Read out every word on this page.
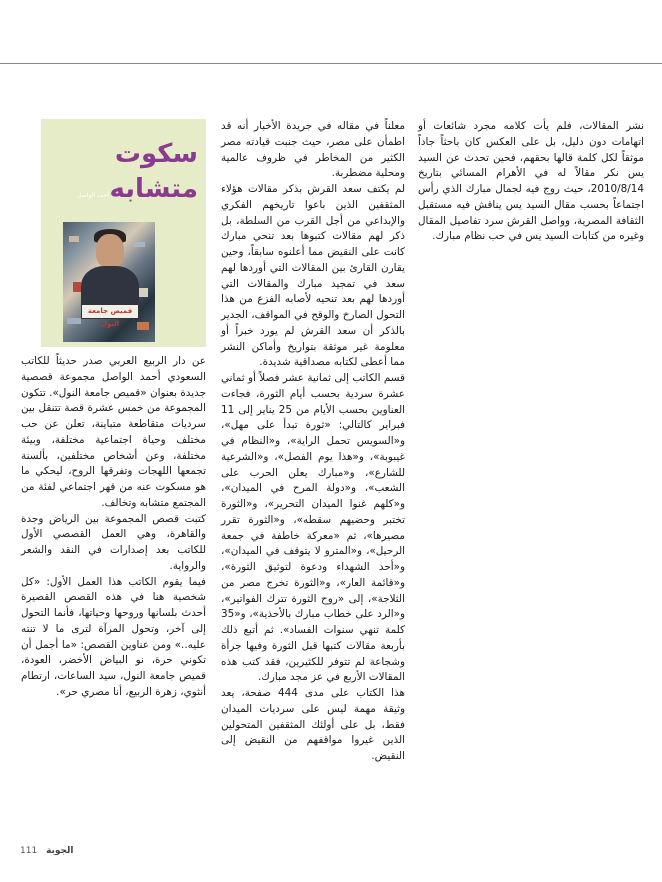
نشر المقالات، فلم يأت كلامه مجرد شائعات أو اتهامات دون دليل، بل على العكس كان باحثاً جاداً موثقاً لكل كلمة قالها بحقهم، فحين تحدث عن السيد يس نكر مقالاً له في الأهرام المسائي بتاريخ 2010/8/14، حيث روج فيه لجمال مبارك الذي رأس اجتماعاً بحسب مقال السيد يس يناقش فيه مستقبل الثقافة المصرية، وواصل القرش سرد تفاصيل المقال وغيره من كتابات السيد يس في حب نظام مبارك.

معلناً في مقاله في جريدة الأخبار أنه قد اطمأن على مصر، حيث جنبت قيادته مصر الكثير من المخاطر في ظروف عالمية ومحلية مضطربة.

لم يكتف سعد القرش بذكر مقالات هؤلاء المثقفين الذين باعوا تاريخهم الفكري والإبداعي من أجل القرب من السلطة، بل ذكر لهم مقالات كتبوها بعد تنحي مبارك كانت على النقيض مما أعلنوه سابقاً، وحين يقارن القارئ بين المقالات التي أوردها لهم سعد في تمجيد مبارك والمقالات التي أوردها لهم بعد تنحيه لأصابه الفزع من هذا التحول الصارخ والوقح في المواقف، الجدير بالذكر أن سعد القرش لم يورد خبراً أو معلومة غير موثقة بتواريخ وأماكن النشر مما أعطى لكتابه مصداقية شديدة.

قسم الكاتب إلى ثمانية عشر فصلاً أو ثماني عشرة سردية بحسب أيام الثورة، فجاءت العناوين بحسب الأيام من 25 يناير إلى 11 فبراير كالتالي: «ثورة تبدأ على مهل»، و«السويس تحمل الراية»، و«النظام في غيبوبة»، و«هذا يوم الفصل»، و«الشرعية للشارع»، و«مبارك يعلن الحرب على الشعب»، و«دولة المرح في الميدان»، و«كلهم غنوا الميدان التحرير»، و«الثورة تختبر وحضيهم سقطه»، و«الثورة تقرر مصيرها»، ثم «معركة خاطفة في جمعة الرحيل»، و«المترو لا يتوقف في الميدان»، و«أحد الشهداء ودعوة لتوثيق الثورة»، و«قائمة العار»، و«الثورة تخرج مصر من الثلاجة»، إلى «روح الثورة تترك الفواتير»، و«الرد على خطاب مبارك بالأحذية»، و«35 كلمة تنهي سنوات الفساد». ثم أتبع ذلك بأربعة مقالات كتبها قبل الثورة وفيها جرأة وشجاعة لم تتوفر للكثيرين، فقد كتب هذه المقالات الأربع في عز مجد مبارك.

هذا الكتاب على مدى 444 صفحة، يعد وثيقة مهمة ليس على سرديات الميدان فقط، بل على أولئك المثقفين المتحولين الذين غيروا مواقفهم من النقيض إلى النقيض.

سكوت
متشابه
قميص جامعة النول
أحمد الواصل

عن دار الربيع العربي صدر حديثاً للكاتب السعودي أحمد الواصل مجموعة قصصية جديدة بعنوان «قميص جامعة النول». تتكون المجموعة من خمس عشرة قصة تتنقل بين سرديات متقاطعة متباينة، تعلن عن حب مختلف وحياة اجتماعية مختلفة، وبيئة مختلفة، وعن أشخاص مختلفين، بألسنة تجمعها اللهجات وتفرقها الروح، ليحكي ما هو مسكوت عنه من قهر اجتماعي لفئة من المجتمع متشابه وتخالف.

كتبت قصص المجموعة بين الرياض وجدة والقاهرة، وهي العمل القصصي الأول للكاتب بعد إصدارات في النقد والشعر والرواية.

فيما يقوم الكاتب هذا العمل الأول: «كل شخصية هنا في هذه القصص القصيرة أحدث بلسانها وروحها وحياتها، فأنما التحول إلى آخر، وتحول المرآة لترى ما لا تنته عليه..» ومن عناوين القصص: «ما أجمل أن تكوني حرة، نو البياض الأخضر، العودة، قميص جامعة النول، سيد الساعات، ارتطام أنثوي، زهرة الربيع، أنا مصري حر».

111 الجوبة
